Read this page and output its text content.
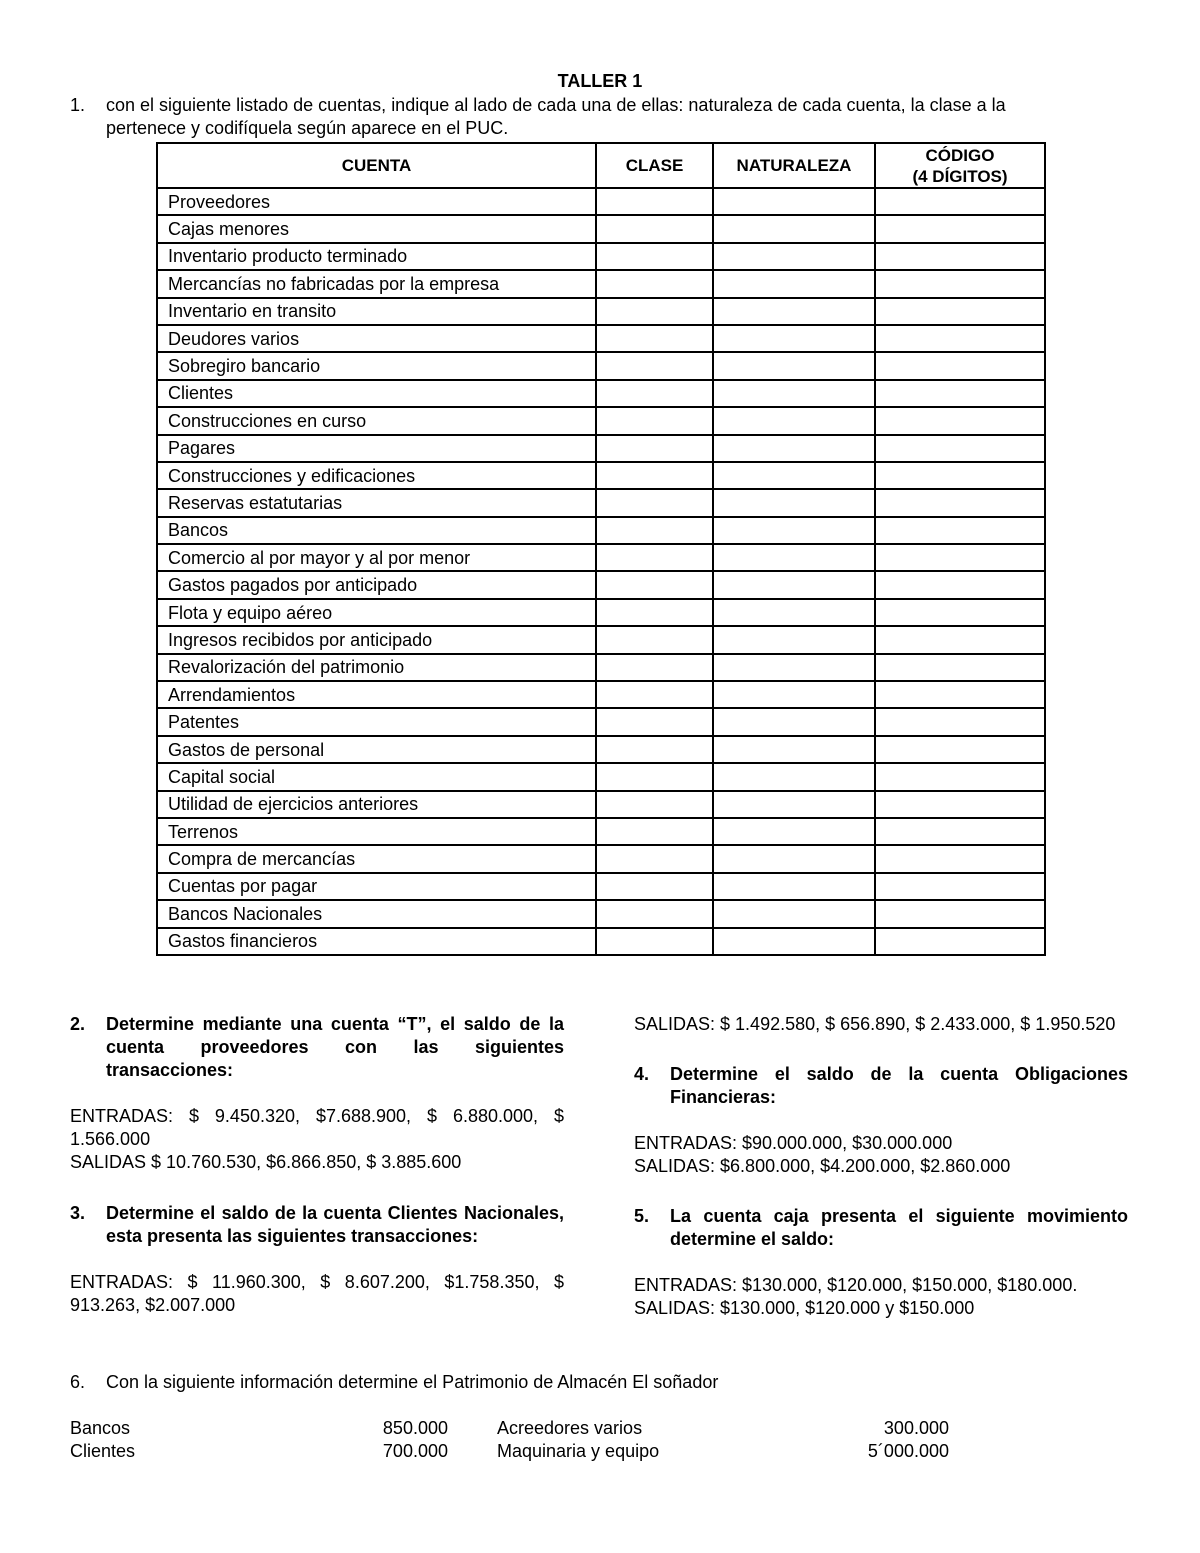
TALLER 1
1. con el siguiente listado de cuentas, indique al lado de cada una de ellas: naturaleza de cada cuenta, la clase a la pertenece y codifíquela según aparece en el PUC.
CUENTA	CLASE	NATURALEZA	CÓDIGO
(4 DÍGITOS)

Proveedores			
Cajas menores			
Inventario producto terminado			
Mercancías no fabricadas por la empresa			
Inventario en transito			
Deudores varios			
Sobregiro bancario			
Clientes			
Construcciones en curso			
Pagares			
Construcciones y edificaciones			
Reservas estatutarias			
Bancos			
Comercio al por mayor y al por menor			
Gastos pagados por anticipado			
Flota y equipo aéreo			
Ingresos recibidos por anticipado			
Revalorización del patrimonio			
Arrendamientos			
Patentes			
Gastos de personal			
Capital social			
Utilidad de ejercicios anteriores			
Terrenos			
Compra de mercancías			
Cuentas por pagar			
Bancos Nacionales			
Gastos financieros			
2. Determine mediante una cuenta “T”, el saldo de la cuenta proveedores con las siguientes transacciones:
ENTRADAS: $ 9.450.320, $7.688.900, $ 6.880.000, $ 1.566.000
SALIDAS $ 10.760.530, $6.866.850, $ 3.885.600
3. Determine el saldo de la cuenta Clientes Nacionales, esta presenta las siguientes transacciones:
ENTRADAS: $ 11.960.300, $ 8.607.200, $1.758.350, $ 913.263, $2.007.000
SALIDAS: $ 1.492.580, $ 656.890, $ 2.433.000, $ 1.950.520
4. Determine el saldo de la cuenta Obligaciones Financieras:
ENTRADAS: $90.000.000, $30.000.000
SALIDAS: $6.800.000, $4.200.000, $2.860.000
5. La cuenta caja presenta el siguiente movimiento determine el saldo:
ENTRADAS: $130.000, $120.000, $150.000, $180.000.
SALIDAS: $130.000, $120.000 y $150.000
6. Con la siguiente información determine el Patrimonio de Almacén El soñador
Bancos	850.000
Clientes	700.000
Acreedores varios	300.000
Maquinaria y equipo	5´000.000
